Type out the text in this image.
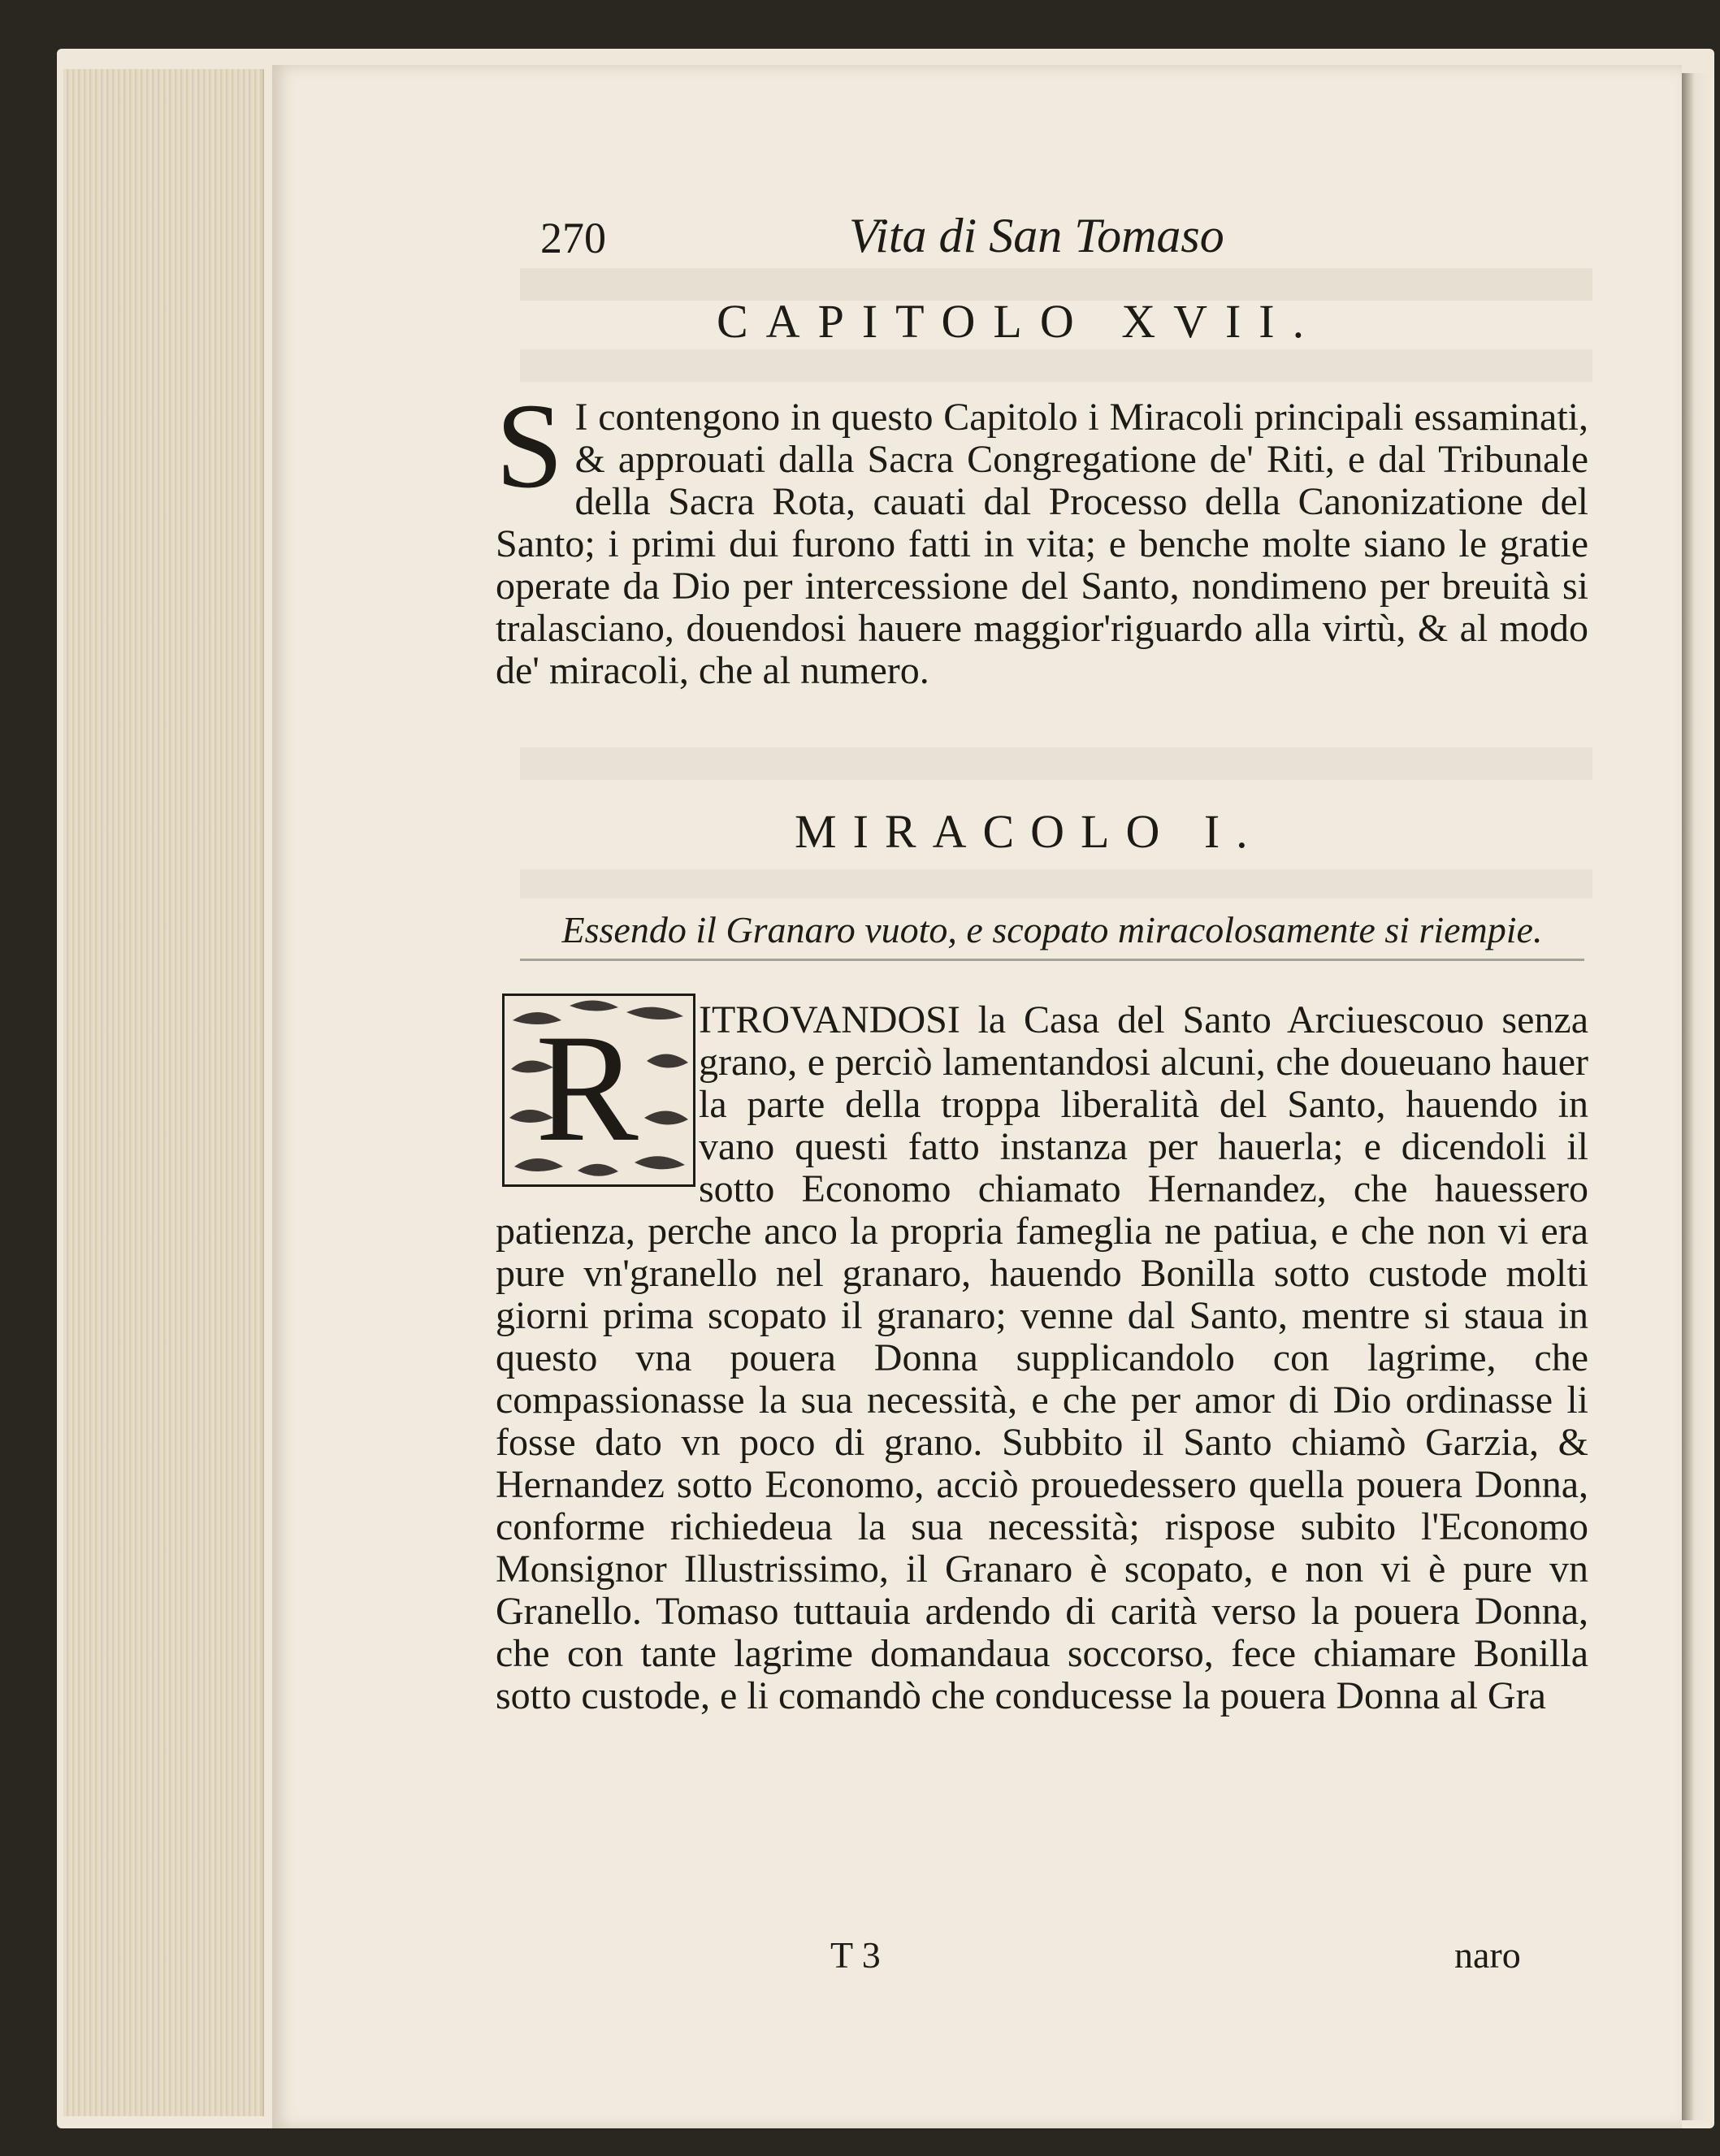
270	Vita di San Tomaso
CAPITOLO XVII.
S I contengono in questo Capitolo i Miracoli principali essaminati, & approuati dalla Sacra Congregatione de' Riti, e dal Tribunale della Sacra Rota, cauati dal Processo della Canonizatione del Santo; i primi dui furono fatti in vita; e benche molte siano le gratie operate da Dio per intercessione del Santo, nondimeno per breuità si tralasciano, douendosi hauere maggior'riguardo alla virtù, & al modo de' miracoli, che al numero.
MIRACOLO I.
Essendo il Granaro vuoto, e scopato miracolosamente si riempie.
ITROVANDOSI la Casa del Santo Arciuescouo senza grano, e perciò lamentandosi alcuni, che doueuano hauer la parte della troppa liberalità del Santo, hauendo in vano questi fatto instanza per hauerla; e dicendoli il sotto Economo chiamato Hernandez, che hauessero patienza, perche anco la propria fameglia ne patiua, e che non vi era pure vn'granello nel granaro, hauendo Bonilla sotto custode molti giorni prima scopato il granaro; venne dal Santo, mentre si staua in questo vna pouera Donna supplicandolo con lagrime, che compassionasse la sua necessità, e che per amor di Dio ordinasse li fosse dato vn poco di grano. Subbito il Santo chiamò Garzia, & Hernandez sotto Economo, acciò prouedessero quella pouera Donna, conforme richiedeua la sua necessità; rispose subito l'Economo Monsignor Illustrissimo, il Granaro è scopato, e non vi è pure vn Granello. Tomaso tuttauia ardendo di carità verso la pouera Donna, che con tante lagrime domandaua soccorso, fece chiamare Bonilla sotto custode, e li comandò che conducesse la pouera Donna al Gra
R
T 3	naro
